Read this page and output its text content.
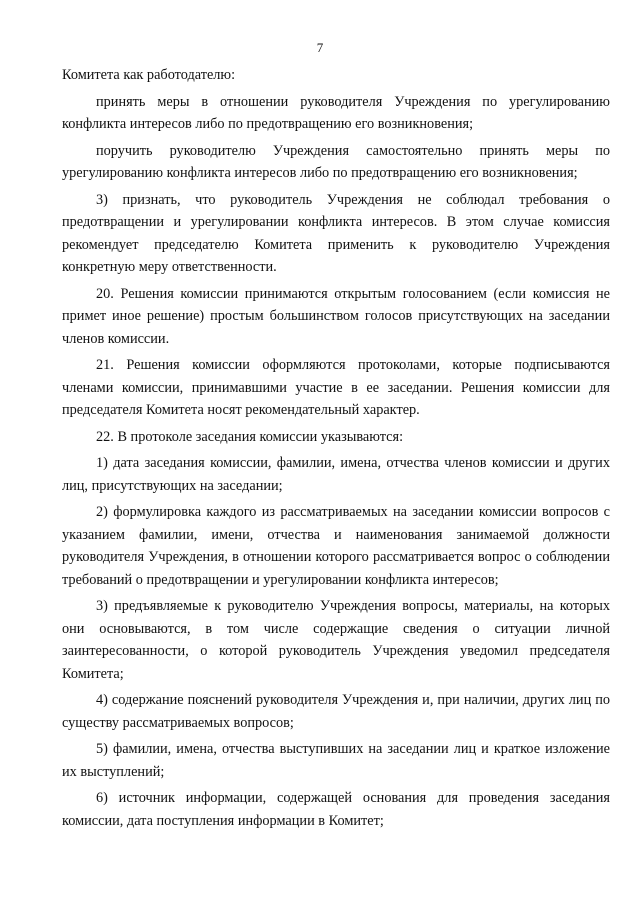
7

Комитета как работодателю:

принять меры в отношении руководителя Учреждения по урегулированию конфликта интересов либо по предотвращению его возникновения;

поручить руководителю Учреждения самостоятельно принять меры по урегулированию конфликта интересов либо по предотвращению его возникновения;

3) признать, что руководитель Учреждения не соблюдал требования о предотвращении и урегулировании конфликта интересов. В этом случае комиссия рекомендует председателю Комитета применить к руководителю Учреждения конкретную меру ответственности.

20. Решения комиссии принимаются открытым голосованием (если комиссия не примет иное решение) простым большинством голосов присутствующих на заседании членов комиссии.

21. Решения комиссии оформляются протоколами, которые подписываются членами комиссии, принимавшими участие в ее заседании. Решения комиссии для председателя Комитета носят рекомендательный характер.

22. В протоколе заседания комиссии указываются:

1) дата заседания комиссии, фамилии, имена, отчества членов комиссии и других лиц, присутствующих на заседании;

2) формулировка каждого из рассматриваемых на заседании комиссии вопросов с указанием фамилии, имени, отчества и наименования занимаемой должности руководителя Учреждения, в отношении которого рассматривается вопрос о соблюдении требований о предотвращении и урегулировании конфликта интересов;

3) предъявляемые к руководителю Учреждения вопросы, материалы, на которых они основываются, в том числе содержащие сведения о ситуации личной заинтересованности, о которой руководитель Учреждения уведомил председателя Комитета;

4) содержание пояснений руководителя Учреждения и, при наличии, других лиц по существу рассматриваемых вопросов;

5) фамилии, имена, отчества выступивших на заседании лиц и краткое изложение их выступлений;

6) источник информации, содержащей основания для проведения заседания комиссии, дата поступления информации в Комитет;
